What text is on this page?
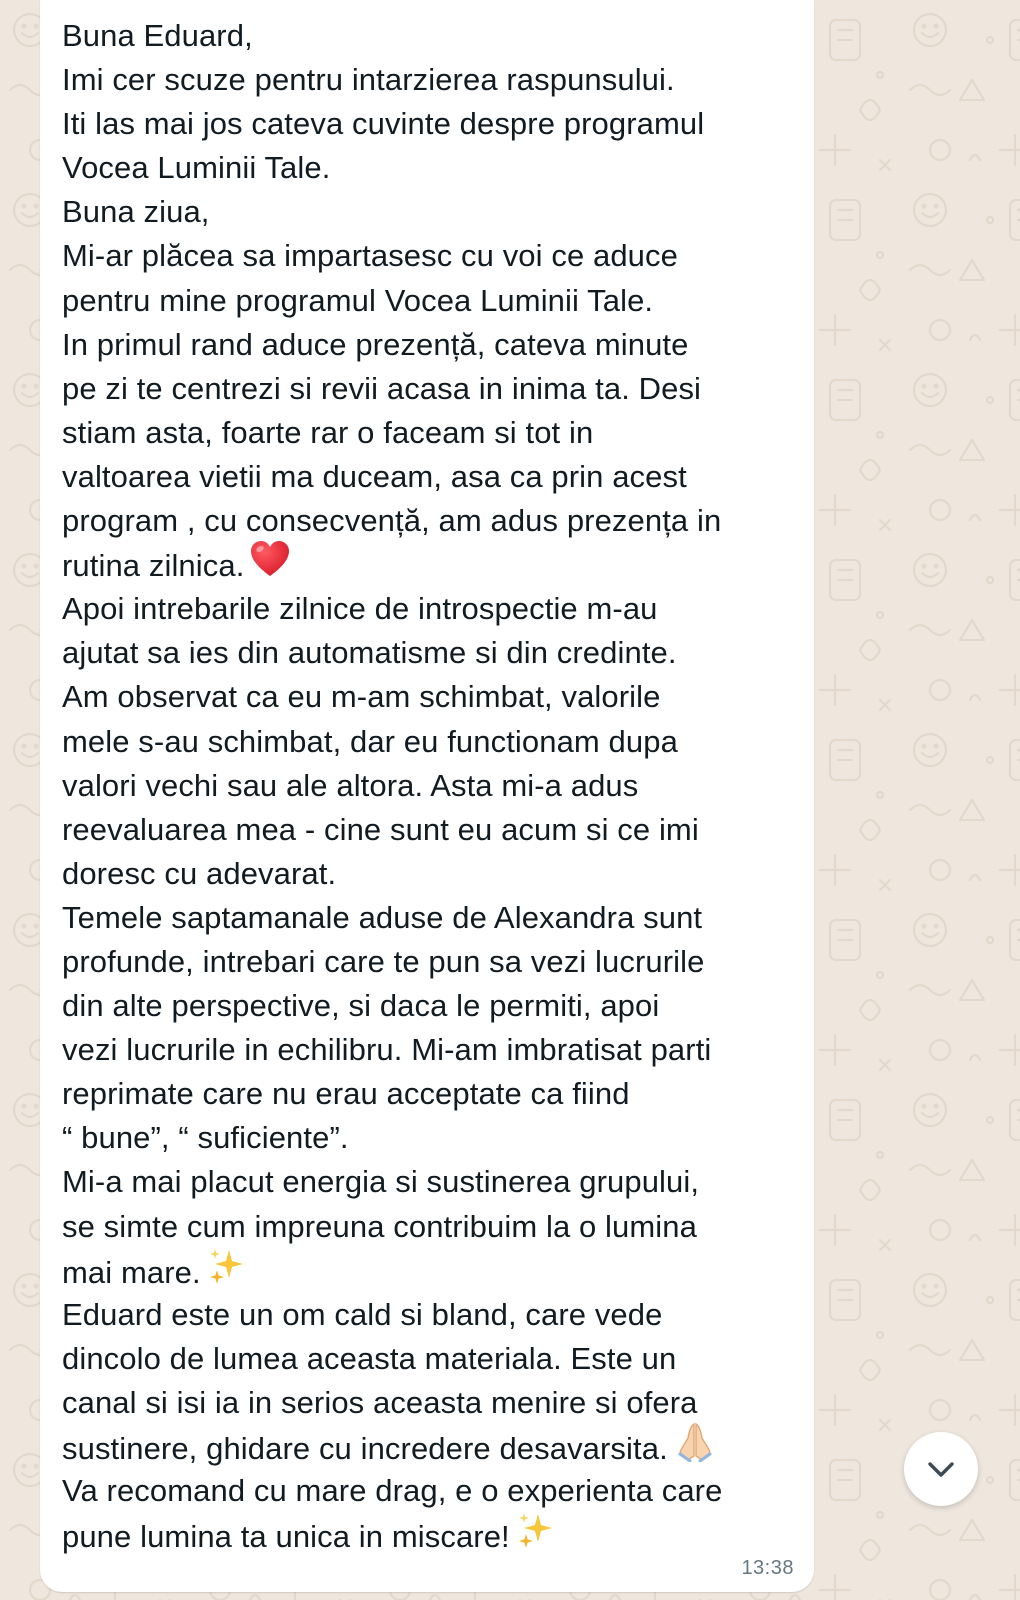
Buna Eduard,
Imi cer scuze pentru intarzierea raspunsului.
Iti las mai jos cateva cuvinte despre programul
Vocea Luminii Tale.
Buna ziua,
Mi-ar plăcea sa impartasesc cu voi ce aduce
pentru mine programul Vocea Luminii Tale.
In primul rand aduce prezență, cateva minute
pe zi te centrezi si revii acasa in inima ta. Desi
stiam asta, foarte rar o faceam si tot in
valtoarea vietii ma duceam, asa ca prin acest
program , cu consecvență, am adus prezența in
rutina zilnica.
Apoi intrebarile zilnice de introspectie m-au
ajutat sa ies din automatisme si din credinte.
Am observat ca eu m-am schimbat, valorile
mele s-au schimbat, dar eu functionam dupa
valori vechi sau ale altora. Asta mi-a adus
reevaluarea mea - cine sunt eu acum si ce imi
doresc cu adevarat.
Temele saptamanale aduse de Alexandra sunt
profunde, intrebari care te pun sa vezi lucrurile
din alte perspective, si daca le permiti, apoi
vezi lucrurile in echilibru. Mi-am imbratisat parti
reprimate care nu erau acceptate ca fiind
“ bune”, “ suficiente”.
Mi-a mai placut energia si sustinerea grupului,
se simte cum impreuna contribuim la o lumina
mai mare.
Eduard este un om cald si bland, care vede
dincolo de lumea aceasta materiala. Este un
canal si isi ia in serios aceasta menire si ofera
sustinere, ghidare cu incredere desavarsita.
Va recomand cu mare drag, e o experienta care
pune lumina ta unica in miscare!
13:38
